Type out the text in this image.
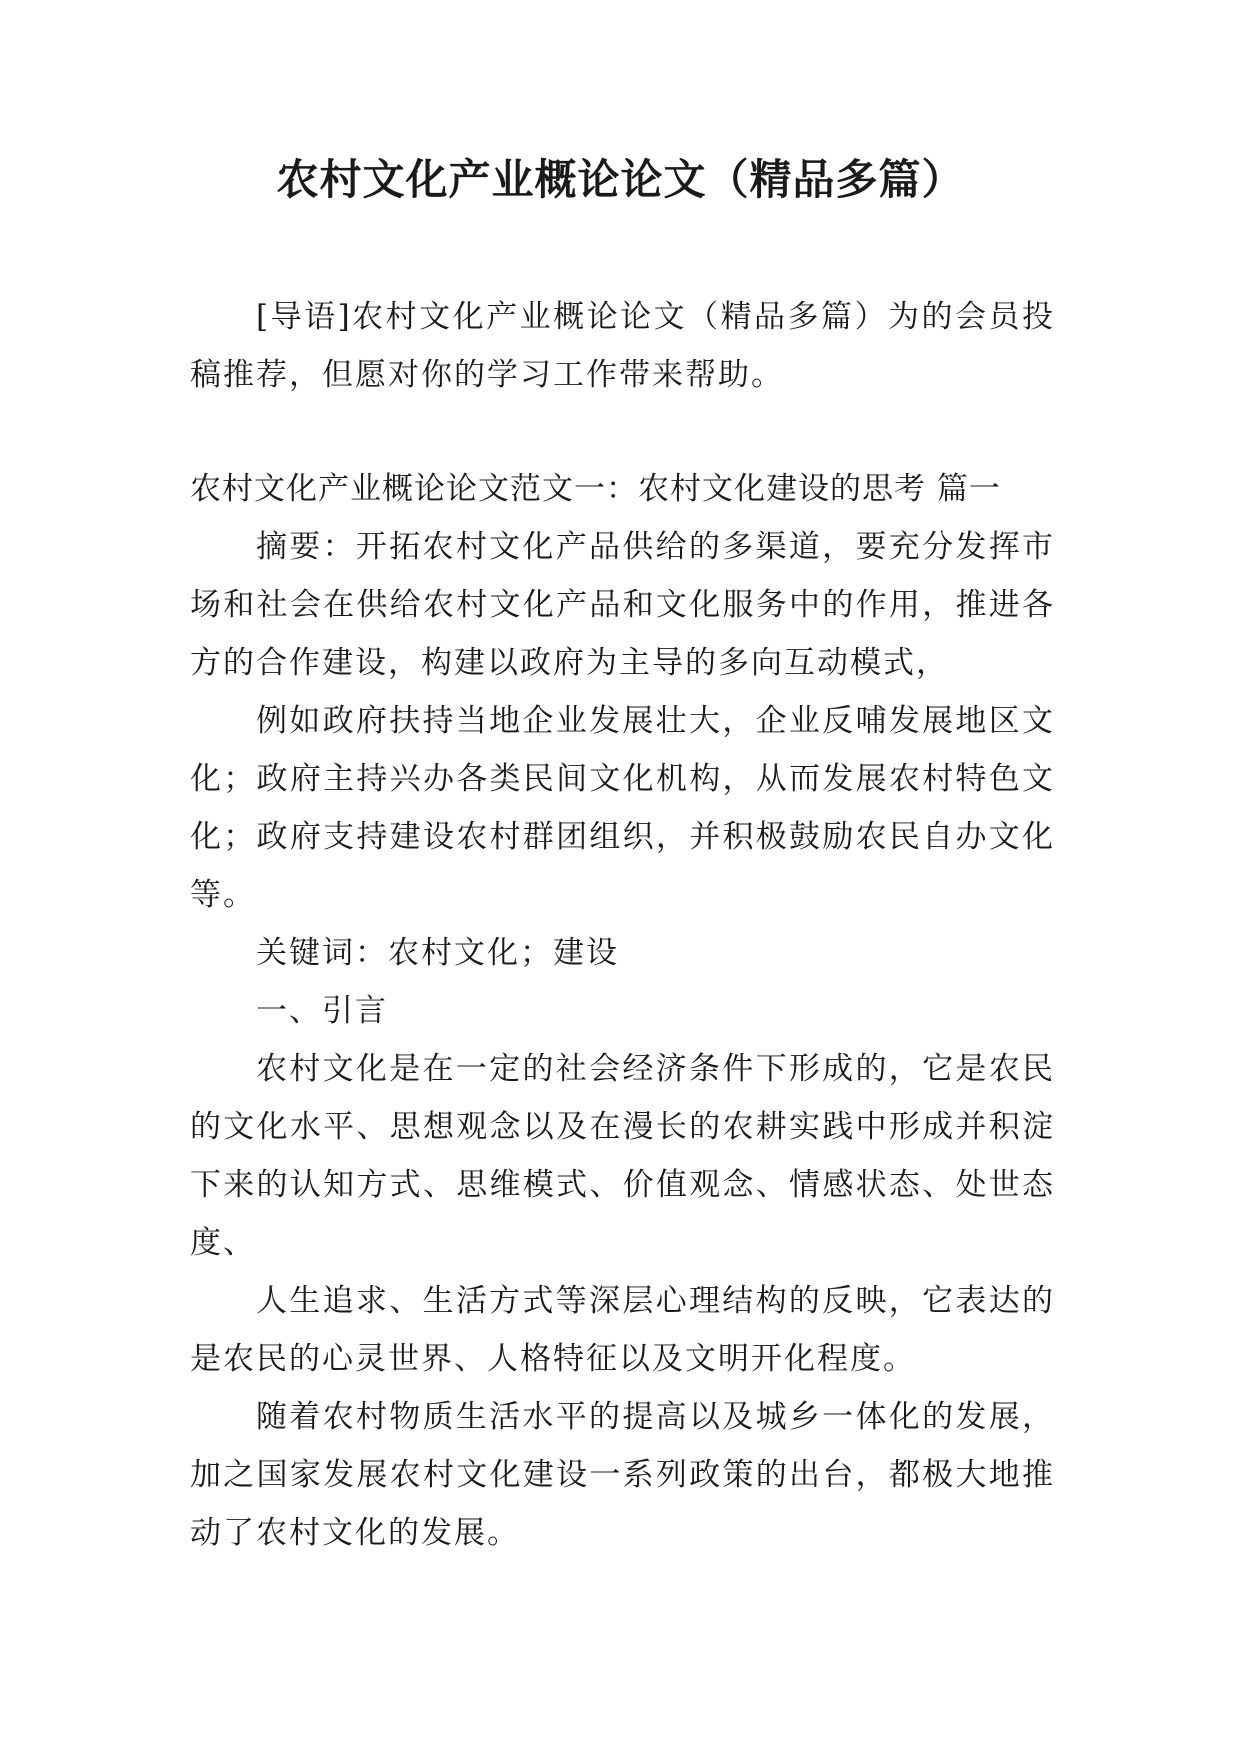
农村文化产业概论论文（精品多篇）

[导语]农村文化产业概论论文（精品多篇）为的会员投稿推荐，但愿对你的学习工作带来帮助。

农村文化产业概论论文范文一：农村文化建设的思考 篇一

摘要：开拓农村文化产品供给的多渠道，要充分发挥市场和社会在供给农村文化产品和文化服务中的作用，推进各方的合作建设，构建以政府为主导的多向互动模式，

例如政府扶持当地企业发展壮大，企业反哺发展地区文化；政府主持兴办各类民间文化机构，从而发展农村特色文化；政府支持建设农村群团组织，并积极鼓励农民自办文化等。

关键词：农村文化；建设

一、引言

农村文化是在一定的社会经济条件下形成的，它是农民的文化水平、思想观念以及在漫长的农耕实践中形成并积淀下来的认知方式、思维模式、价值观念、情感状态、处世态度、

人生追求、生活方式等深层心理结构的反映，它表达的是农民的心灵世界、人格特征以及文明开化程度。

随着农村物质生活水平的提高以及城乡一体化的发展，加之国家发展农村文化建设一系列政策的出台，都极大地推动了农村文化的发展。
